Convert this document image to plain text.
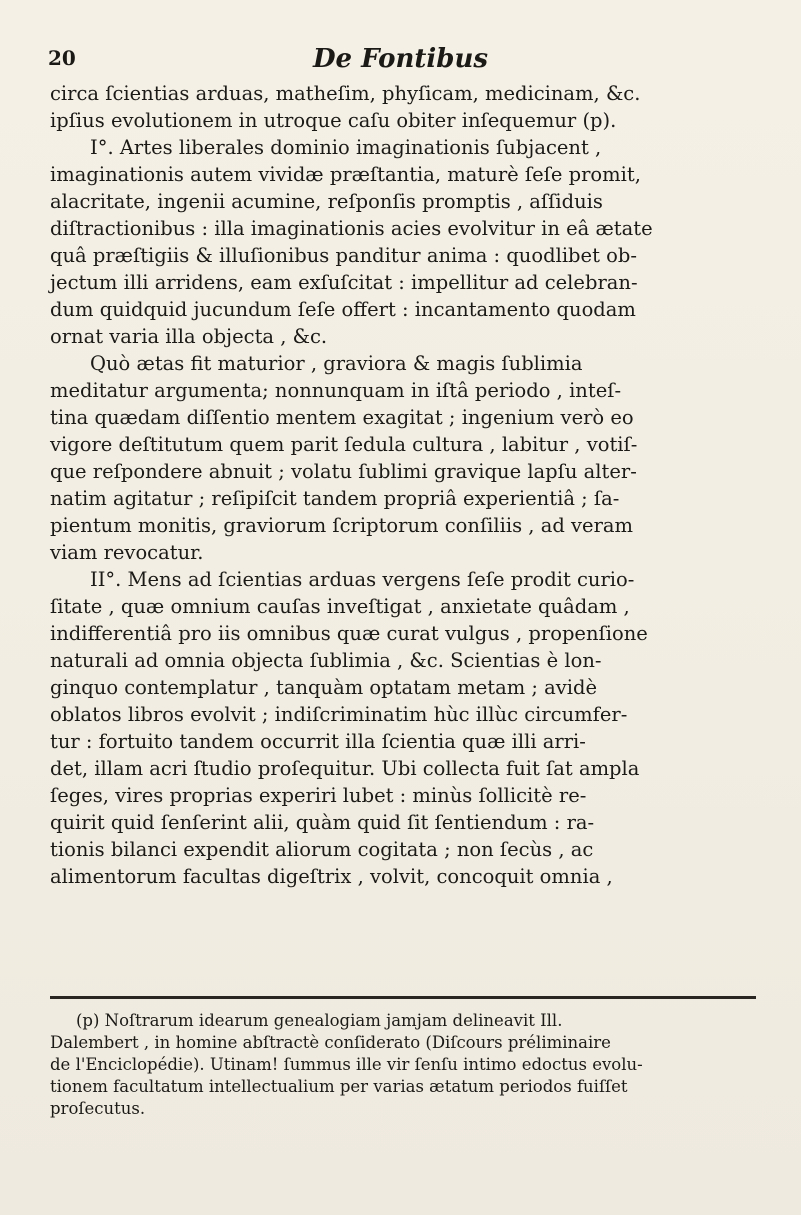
20	De Fontibus
circa ſcientias arduas, matheſim, phyſicam, medicinam, &c.
ipſius evolutionem in utroque caſu obiter inſequemur (p).
I°. Artes liberales dominio imaginationis ſubjacent ,
imaginationis autem vividæ præſtantia, maturè ſeſe promit,
alacritate, ingenii acumine, reſponſis promptis , aſſiduis
diſtractionibus : illa imaginationis acies evolvitur in eâ ætate
quâ præſtigiis & illuſionibus panditur anima : quodlibet ob-
jectum illi arridens, eam exſuſcitat : impellitur ad celebran-
dum quidquid jucundum ſeſe offert : incantamento quodam
ornat varia illa objecta , &c.
Quò ætas fit maturior , graviora & magis ſublimia
meditatur argumenta; nonnunquam in iſtâ periodo , inteſ-
tina quædam diſſentio mentem exagitat ; ingenium verò eo
vigore deſtitutum quem parit ſedula cultura , labitur , votiſ-
que reſpondere abnuit ; volatu ſublimi gravique lapſu alter-
natim agitatur ; reſipiſcit tandem propriâ experientiâ ; ſa-
pientum monitis, graviorum ſcriptorum conſiliis , ad veram
viam revocatur.
II°. Mens ad ſcientias arduas vergens ſeſe prodit curio-
ſitate , quæ omnium cauſas inveſtigat , anxietate quâdam ,
indifferentiâ pro iis omnibus quæ curat vulgus , propenſione
naturali ad omnia objecta ſublimia , &c. Scientias è lon-
ginquo contemplatur , tanquàm optatam metam ; avidè
oblatos libros evolvit ; indiſcriminatim hùc illùc circumfer-
tur : fortuito tandem occurrit illa ſcientia quæ illi arri-
det, illam acri ſtudio proſequitur. Ubi collecta fuit ſat ampla
ſeges, vires proprias experiri lubet : minùs ſollicitè re-
quirit quid ſenſerint alii, quàm quid ſit ſentiendum : ra-
tionis bilanci expendit aliorum cogitata ; non ſecùs , ac
alimentorum facultas digeſtrix , volvit, concoquit omnia ,
(p) Noſtrarum idearum genealogiam jamjam delineavit Ill.
Dalembert , in homine abſtractè conſiderato (Diſcours préliminaire
de l'Enciclopédie). Utinam! ſummus ille vir ſenſu intimo edoctus evolu-
tionem facultatum intellectualium per varias ætatum periodos fuiſſet
proſecutus.
